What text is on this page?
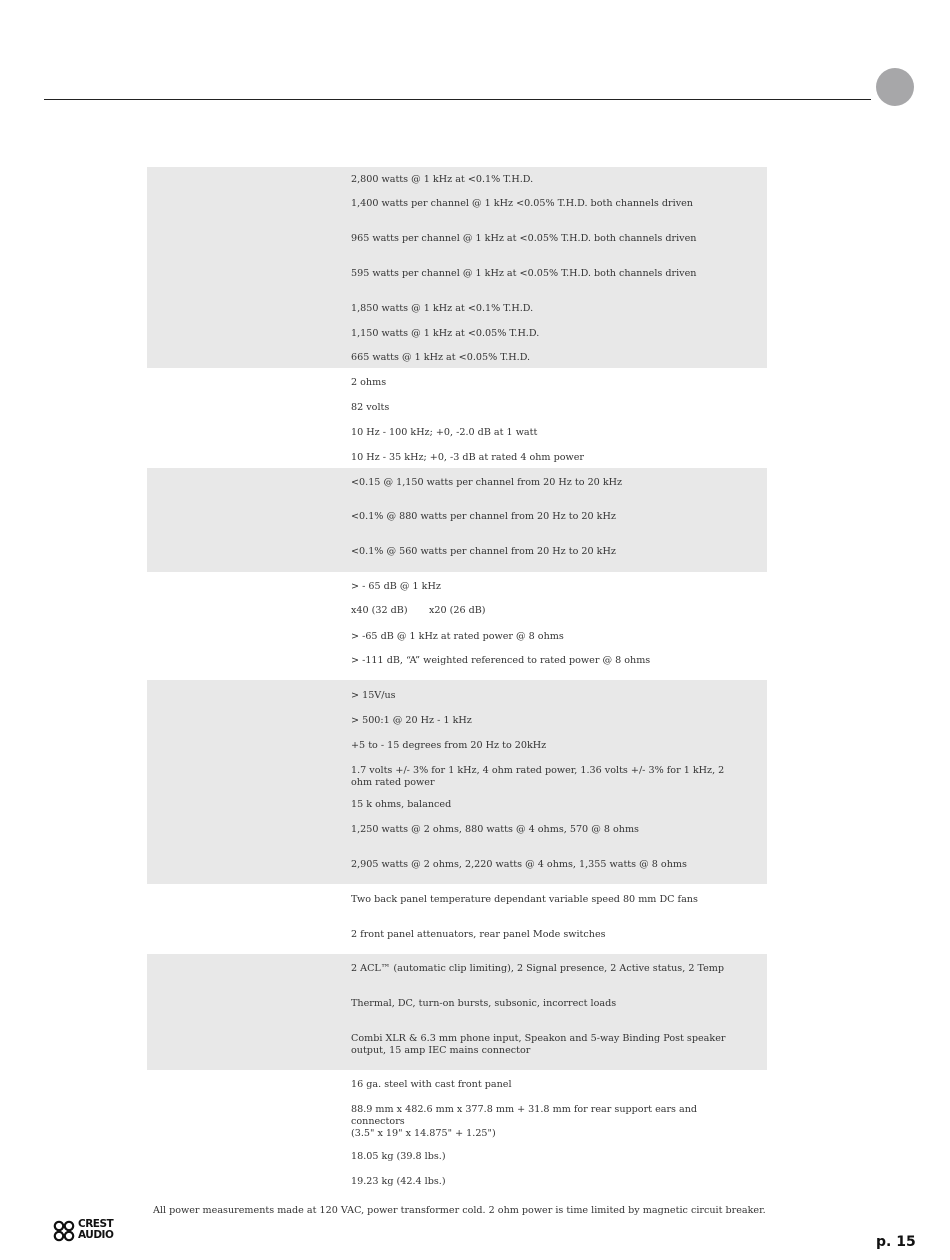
2,800 watts @ 1 kHz at <0.1% T.H.D.
1,400 watts per channel @ 1 kHz <0.05% T.H.D. both channels driven
965 watts per channel @ 1 kHz at <0.05% T.H.D. both channels driven
595 watts per channel @ 1 kHz at <0.05% T.H.D. both channels driven
1,850 watts @ 1 kHz at <0.1% T.H.D.
1,150 watts @ 1 kHz at <0.05% T.H.D.
665 watts @ 1 kHz at <0.05% T.H.D.
2 ohms
82 volts
10 Hz - 100 kHz; +0, -2.0 dB at 1 watt
10 Hz - 35 kHz; +0, -3 dB at rated 4 ohm power
<0.15 @ 1,150 watts per channel from 20 Hz to 20 kHz
<0.1% @ 880 watts per channel from 20 Hz to 20 kHz
<0.1% @ 560 watts per channel from 20 Hz to 20 kHz
> - 65 dB @ 1 kHz
x40 (32 dB)       x20 (26 dB)
> -65 dB @ 1 kHz at rated power @ 8 ohms
> -111 dB, “A” weighted referenced to rated power @ 8 ohms
> 15V/us
> 500:1 @ 20 Hz - 1 kHz
+5 to - 15 degrees from 20 Hz to 20kHz
1.7 volts +/- 3% for 1 kHz, 4 ohm rated power, 1.36 volts +/- 3% for 1 kHz, 2 ohm rated power
15 k ohms, balanced
1,250 watts @ 2 ohms, 880 watts @ 4 ohms, 570 @ 8 ohms
2,905 watts @ 2 ohms, 2,220 watts @ 4 ohms, 1,355 watts @ 8 ohms
Two back panel temperature dependant variable speed 80 mm DC fans
2 front panel attenuators, rear panel Mode switches
2 ACL™ (automatic clip limiting), 2 Signal presence, 2 Active status, 2 Temp
Thermal, DC, turn-on bursts, subsonic, incorrect loads
Combi XLR & 6.3 mm phone input, Speakon and 5-way Binding Post speaker output, 15 amp IEC mains connector
16 ga. steel with cast front panel
88.9 mm x 482.6 mm x 377.8 mm + 31.8 mm for rear support ears and connectors
(3.5" x 19" x 14.875" + 1.25")
18.05 kg (39.8 lbs.)
19.23 kg (42.4 lbs.)
All power measurements made at 120 VAC, power transformer cold. 2 ohm power is time limited by magnetic circuit breaker.
CREST
AUDIO	p. 15
